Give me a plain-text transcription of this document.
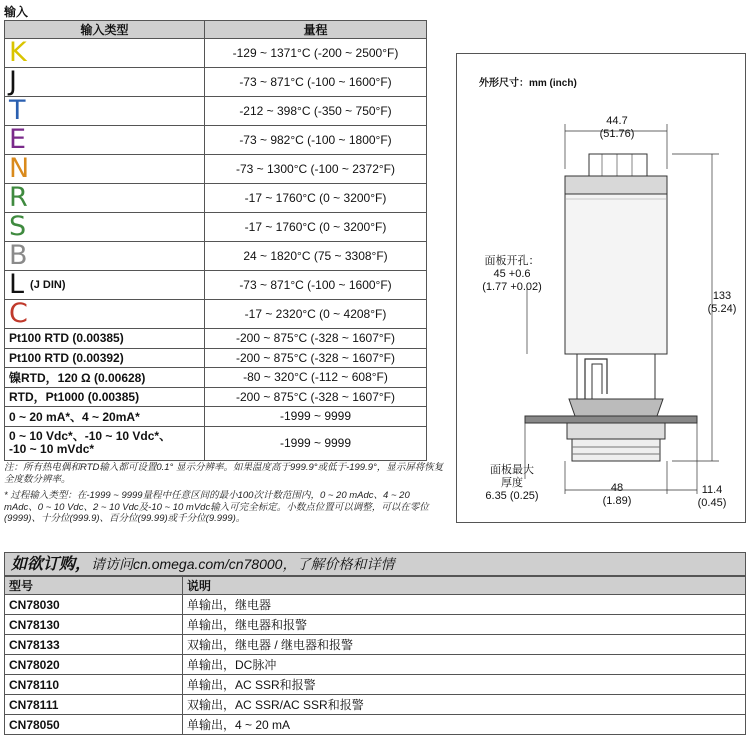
输入
输入类型	量程
K	-129 ~ 1371°C (-200 ~ 2500°F)
J	-73 ~ 871°C (-100 ~ 1600°F)
T	-212 ~ 398°C (-350 ~ 750°F)
E	-73 ~ 982°C (-100 ~ 1800°F)
N	-73 ~ 1300°C (-100 ~ 2372°F)
R	-17 ~ 1760°C (0 ~ 3200°F)
S	-17 ~ 1760°C (0 ~ 3200°F)
B	24 ~ 1820°C (75 ~ 3308°F)
L (J DIN)	-73 ~ 871°C (-100 ~ 1600°F)
C	-17 ~ 2320°C (0 ~ 4208°F)
Pt100 RTD (0.00385)	-200 ~ 875°C (-328 ~ 1607°F)
Pt100 RTD (0.00392)	-200 ~ 875°C (-328 ~ 1607°F)
镍RTD，120 Ω (0.00628)	-80 ~ 320°C (-112 ~ 608°F)
RTD，Pt1000 (0.00385)	-200 ~ 875°C (-328 ~ 1607°F)
0 ~ 20 mA*、4 ~ 20mA*	-1999 ~ 9999

0 ~ 10 Vdc*、-10 ~ 10 Vdc*、
-10 ~ 10 mVdc*	-1999 ~ 9999
注：所有热电偶和RTD输入都可设置0.1° 显示分辨率。如果温度高于999.9°或低于-199.9°，显示屏将恢复全度数分辨率。
* 过程输入类型：在-1999 ~ 9999量程中任意区间的最小100次计数范围内，0 ~ 20 mAdc、4 ~ 20 mAdc、0 ~ 10 Vdc、2 ~ 10 Vdc及-10 ~ 10 mVdc输入可完全标定。小数点位置可以调整，可以在零位(9999)、十分位(999.9)、百分位(99.99)或千分位(9.999)。
外形尺寸：mm (inch)
44.7
(51.76)
面板开孔：
45 +0.6
(1.77 +0.02)
133
(5.24)
面板最大
厚度
6.35 (0.25)
48
(1.89)
11.4
(0.45)
如欲订购，请访问cn.omega.com/cn78000，了解价格和详情
型号	说明
CN78030	单输出，继电器
CN78130	单输出，继电器和报警
CN78133	双输出，继电器 / 继电器和报警
CN78020	单输出，DC脉冲
CN78110	单输出，AC SSR和报警
CN78111	双输出，AC SSR/AC SSR和报警
CN78050	单输出，4 ~ 20 mA
